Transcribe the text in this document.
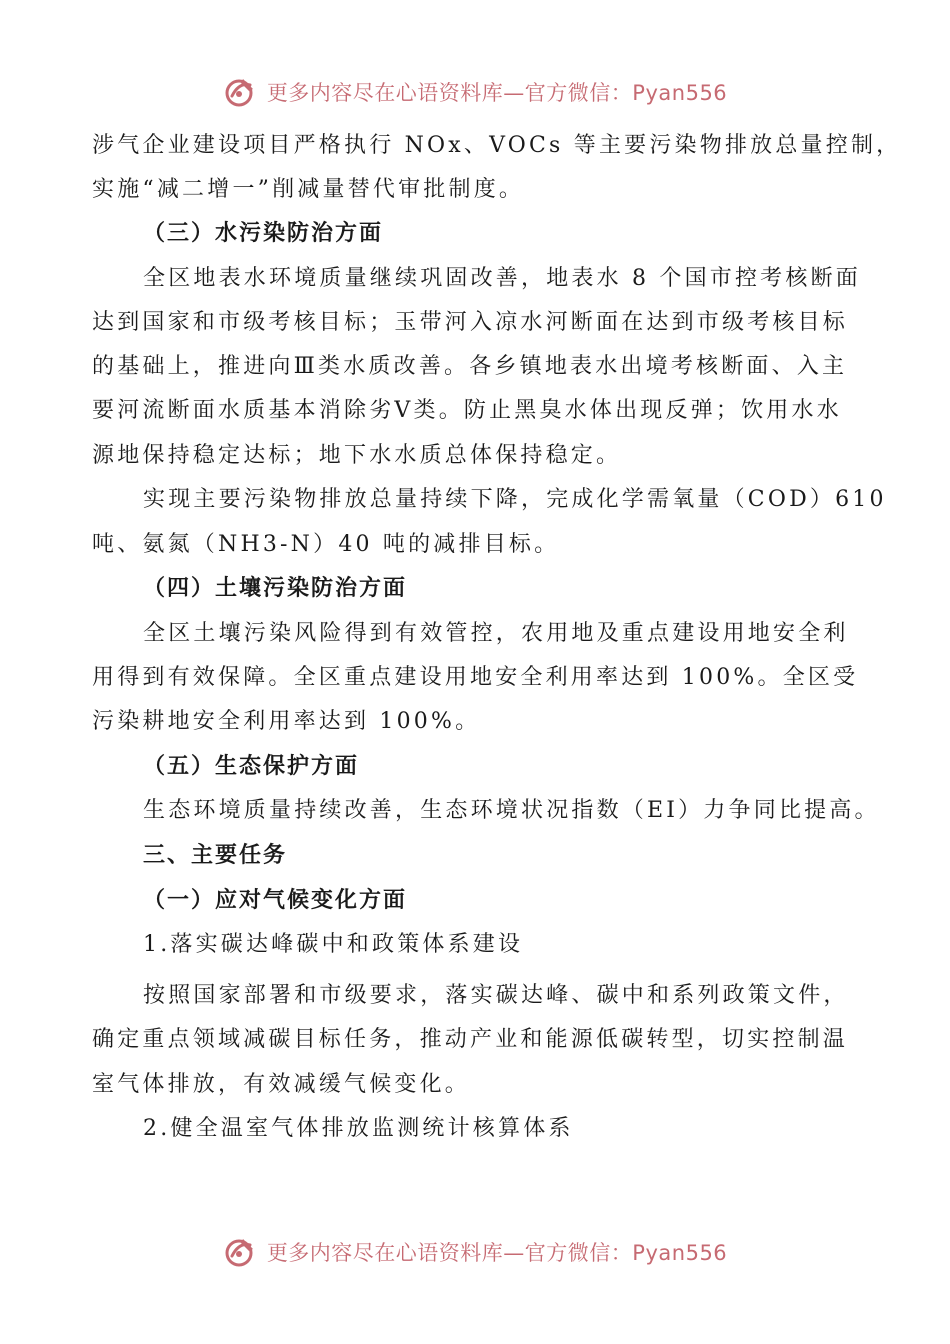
更多内容尽在心语资料库—官方微信：Pyan556
涉气企业建设项目严格执行 NOx、VOCs 等主要污染物排放总量控制，
实施“减二增一”削减量替代审批制度。
（三）水污染防治方面
全区地表水环境质量继续巩固改善，地表水 8 个国市控考核断面
达到国家和市级考核目标；玉带河入凉水河断面在达到市级考核目标
的基础上，推进向Ⅲ类水质改善。各乡镇地表水出境考核断面、入主
要河流断面水质基本消除劣Ⅴ类。防止黑臭水体出现反弹；饮用水水
源地保持稳定达标；地下水水质总体保持稳定。
实现主要污染物排放总量持续下降，完成化学需氧量（COD）610
吨、氨氮（NH3-N）40 吨的减排目标。
（四）土壤污染防治方面
全区土壤污染风险得到有效管控，农用地及重点建设用地安全利
用得到有效保障。全区重点建设用地安全利用率达到 100%。全区受
污染耕地安全利用率达到 100%。
（五）生态保护方面
生态环境质量持续改善，生态环境状况指数（EI）力争同比提高。
三、主要任务
（一）应对气候变化方面
1.落实碳达峰碳中和政策体系建设
按照国家部署和市级要求，落实碳达峰、碳中和系列政策文件，
确定重点领域减碳目标任务，推动产业和能源低碳转型，切实控制温
室气体排放，有效减缓气候变化。
2.健全温室气体排放监测统计核算体系
更多内容尽在心语资料库—官方微信：Pyan556
